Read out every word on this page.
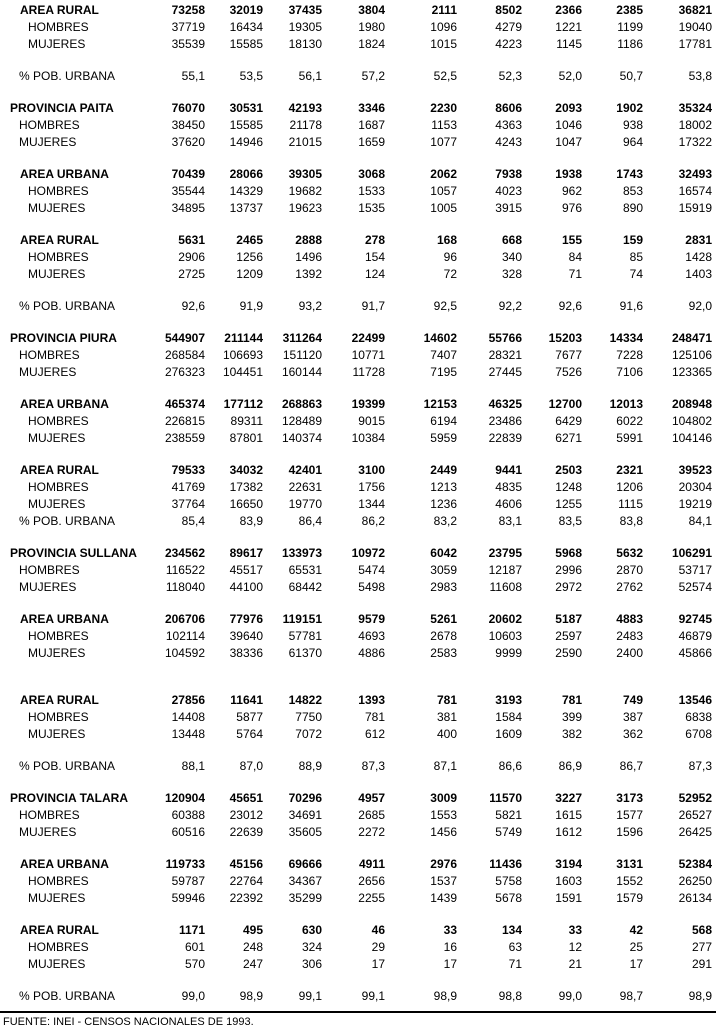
AREA RURAL	73258	32019	37435	3804	2111	8502	2366	2385	36821
HOMBRES	37719	16434	19305	1980	1096	4279	1221	1199	19040
MUJERES	35539	15585	18130	1824	1015	4223	1145	1186	17781

% POB. URBANA	55,1	53,5	56,1	57,2	52,5	52,3	52,0	50,7	53,8

PROVINCIA PAITA	76070	30531	42193	3346	2230	8606	2093	1902	35324
HOMBRES	38450	15585	21178	1687	1153	4363	1046	938	18002
MUJERES	37620	14946	21015	1659	1077	4243	1047	964	17322

AREA URBANA	70439	28066	39305	3068	2062	7938	1938	1743	32493
HOMBRES	35544	14329	19682	1533	1057	4023	962	853	16574
MUJERES	34895	13737	19623	1535	1005	3915	976	890	15919

AREA RURAL	5631	2465	2888	278	168	668	155	159	2831
HOMBRES	2906	1256	1496	154	96	340	84	85	1428
MUJERES	2725	1209	1392	124	72	328	71	74	1403

% POB. URBANA	92,6	91,9	93,2	91,7	92,5	92,2	92,6	91,6	92,0

PROVINCIA PIURA	544907	211144	311264	22499	14602	55766	15203	14334	248471
HOMBRES	268584	106693	151120	10771	7407	28321	7677	7228	125106
MUJERES	276323	104451	160144	11728	7195	27445	7526	7106	123365

AREA URBANA	465374	177112	268863	19399	12153	46325	12700	12013	208948
HOMBRES	226815	89311	128489	9015	6194	23486	6429	6022	104802
MUJERES	238559	87801	140374	10384	5959	22839	6271	5991	104146

AREA RURAL	79533	34032	42401	3100	2449	9441	2503	2321	39523
HOMBRES	41769	17382	22631	1756	1213	4835	1248	1206	20304
MUJERES	37764	16650	19770	1344	1236	4606	1255	1115	19219
% POB. URBANA	85,4	83,9	86,4	86,2	83,2	83,1	83,5	83,8	84,1

PROVINCIA SULLANA	234562	89617	133973	10972	6042	23795	5968	5632	106291
HOMBRES	116522	45517	65531	5474	3059	12187	2996	2870	53717
MUJERES	118040	44100	68442	5498	2983	11608	2972	2762	52574

AREA URBANA	206706	77976	119151	9579	5261	20602	5187	4883	92745
HOMBRES	102114	39640	57781	4693	2678	10603	2597	2483	46879
MUJERES	104592	38336	61370	4886	2583	9999	2590	2400	45866

AREA RURAL	27856	11641	14822	1393	781	3193	781	749	13546
HOMBRES	14408	5877	7750	781	381	1584	399	387	6838
MUJERES	13448	5764	7072	612	400	1609	382	362	6708

% POB. URBANA	88,1	87,0	88,9	87,3	87,1	86,6	86,9	86,7	87,3

PROVINCIA TALARA	120904	45651	70296	4957	3009	11570	3227	3173	52952
HOMBRES	60388	23012	34691	2685	1553	5821	1615	1577	26527
MUJERES	60516	22639	35605	2272	1456	5749	1612	1596	26425

AREA URBANA	119733	45156	69666	4911	2976	11436	3194	3131	52384
HOMBRES	59787	22764	34367	2656	1537	5758	1603	1552	26250
MUJERES	59946	22392	35299	2255	1439	5678	1591	1579	26134

AREA RURAL	1171	495	630	46	33	134	33	42	568
HOMBRES	601	248	324	29	16	63	12	25	277
MUJERES	570	247	306	17	17	71	21	17	291

% POB. URBANA	99,0	98,9	99,1	99,1	98,9	98,8	99,0	98,7	98,9
FUENTE: INEI - CENSOS NACIONALES DE 1993.
